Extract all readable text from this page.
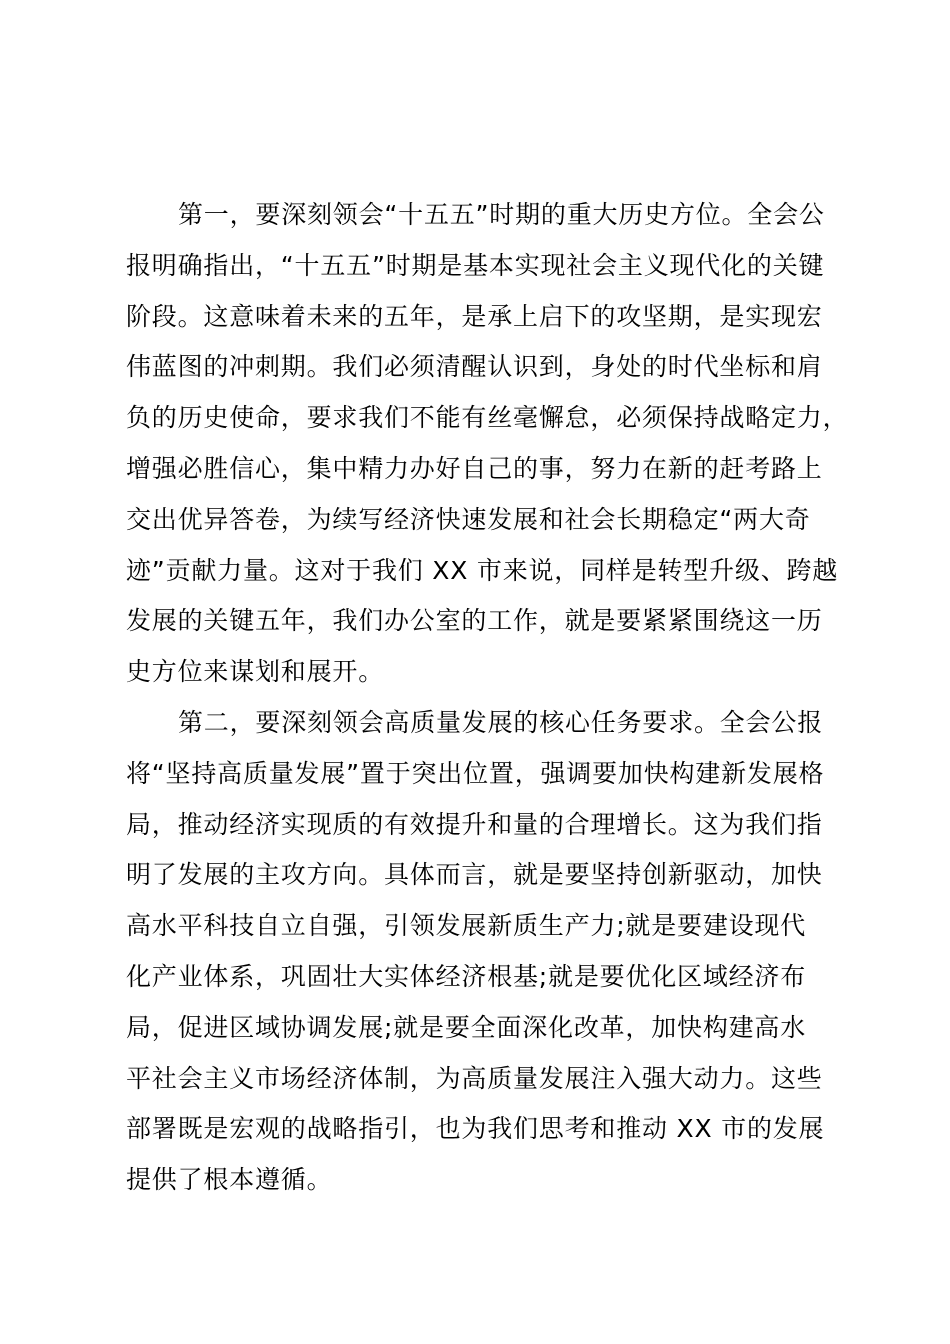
第一，要深刻领会“十五五”时期的重大历史方位。全会公
报明确指出，“十五五”时期是基本实现社会主义现代化的关键
阶段。这意味着未来的五年，是承上启下的攻坚期，是实现宏
伟蓝图的冲刺期。我们必须清醒认识到，身处的时代坐标和肩
负的历史使命，要求我们不能有丝毫懈怠，必须保持战略定力，
增强必胜信心，集中精力办好自己的事，努力在新的赶考路上
交出优异答卷，为续写经济快速发展和社会长期稳定“两大奇
迹”贡献力量。这对于我们 XX 市来说，同样是转型升级、跨越
发展的关键五年，我们办公室的工作，就是要紧紧围绕这一历
史方位来谋划和展开。
第二，要深刻领会高质量发展的核心任务要求。全会公报
将“坚持高质量发展”置于突出位置，强调要加快构建新发展格
局，推动经济实现质的有效提升和量的合理增长。这为我们指
明了发展的主攻方向。具体而言，就是要坚持创新驱动，加快
高水平科技自立自强，引领发展新质生产力;就是要建设现代
化产业体系，巩固壮大实体经济根基;就是要优化区域经济布
局，促进区域协调发展;就是要全面深化改革，加快构建高水
平社会主义市场经济体制，为高质量发展注入强大动力。这些
部署既是宏观的战略指引，也为我们思考和推动 XX 市的发展
提供了根本遵循。
